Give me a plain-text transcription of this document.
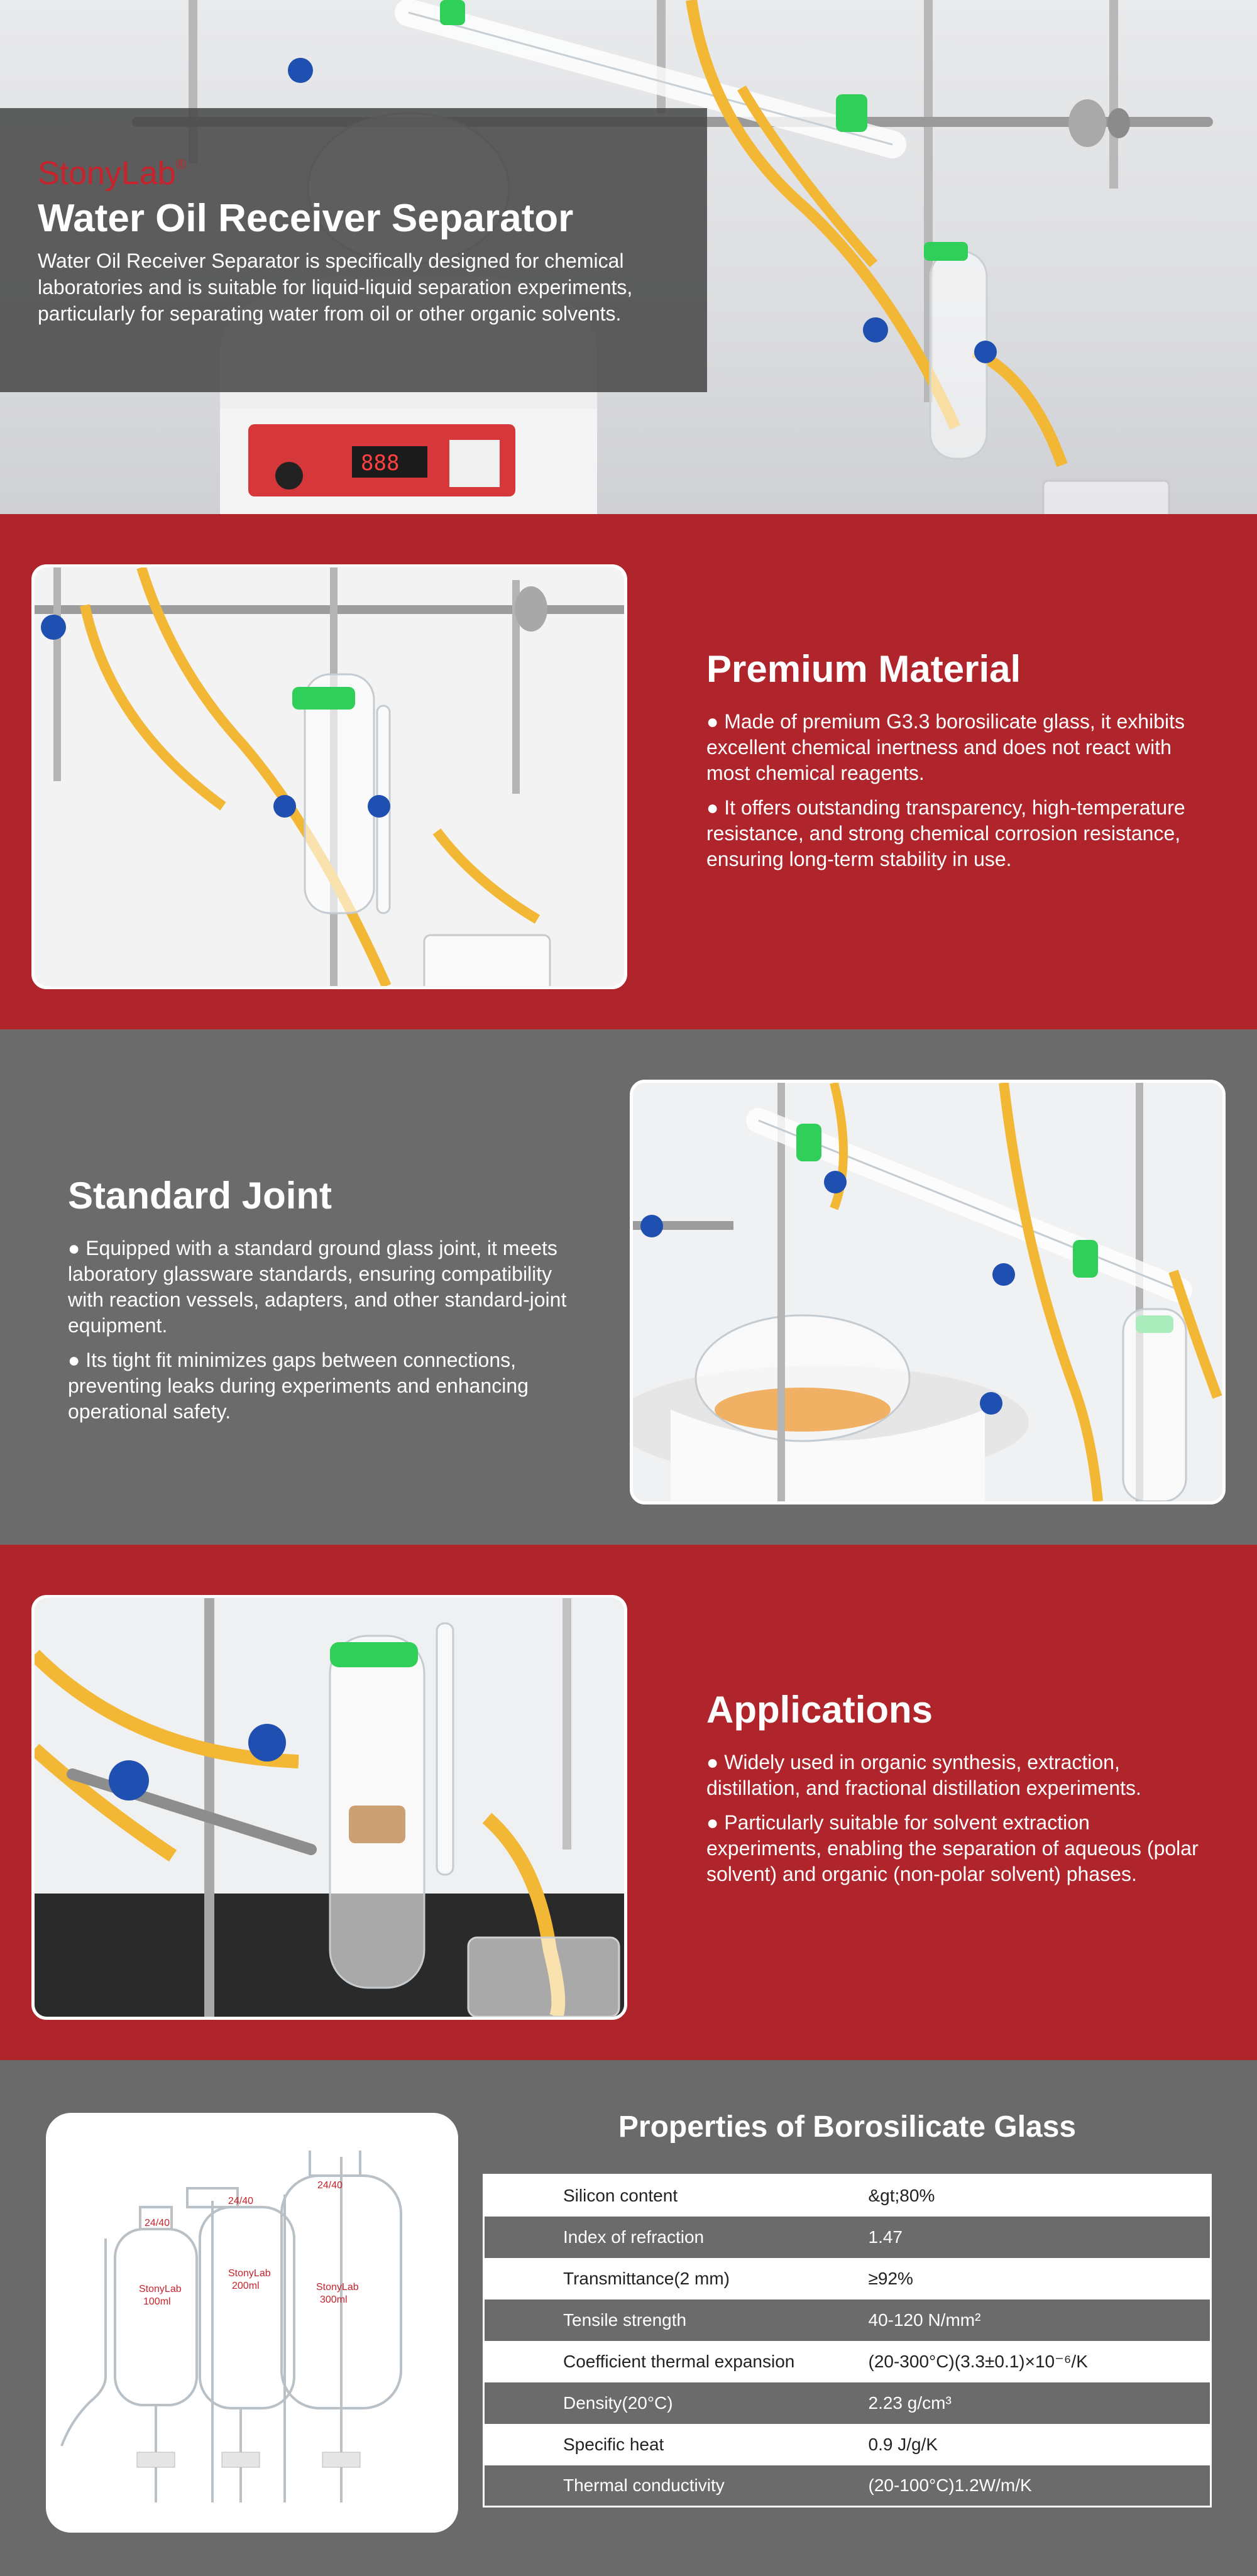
888
StonyLab®
Water Oil Receiver Separator

Water Oil Receiver Separator is specifically designed for chemical laboratories and is suitable for liquid-liquid separation experiments, particularly for separating water from oil or other organic solvents.

Premium Material
● Made of premium G3.3 borosilicate glass, it exhibits excellent chemical inertness and does not react with most chemical reagents.
● It offers outstanding transparency, high-temperature resistance, and strong chemical corrosion resistance, ensuring long-term stability in use.
Standard Joint
● Equipped with a standard ground glass joint, it meets laboratory glassware standards, ensuring compatibility with reaction vessels, adapters, and other standard-joint equipment.
● Its tight fit minimizes gaps between connections, preventing leaks during experiments and enhancing operational safety.
Applications
● Widely used in organic synthesis, extraction, distillation, and fractional distillation experiments.
● Particularly suitable for solvent extraction experiments, enabling the separation of aqueous (polar solvent) and organic (non-polar solvent) phases.
24/40
StonyLab
100ml
24/40
StonyLab
200ml
24/40
StonyLab
300ml
Properties of Borosilicate Glass
Silicon content	&gt;80%
Index of refraction	1.47
Transmittance(2 mm)	≥92%
Tensile strength	40-120 N/mm²
Coefficient thermal expansion	(20-300°C)(3.3±0.1)×10⁻⁶/K
Density(20°C)	2.23 g/cm³
Specific heat	0.9 J/g/K
Thermal conductivity	(20-100°C)1.2W/m/K
